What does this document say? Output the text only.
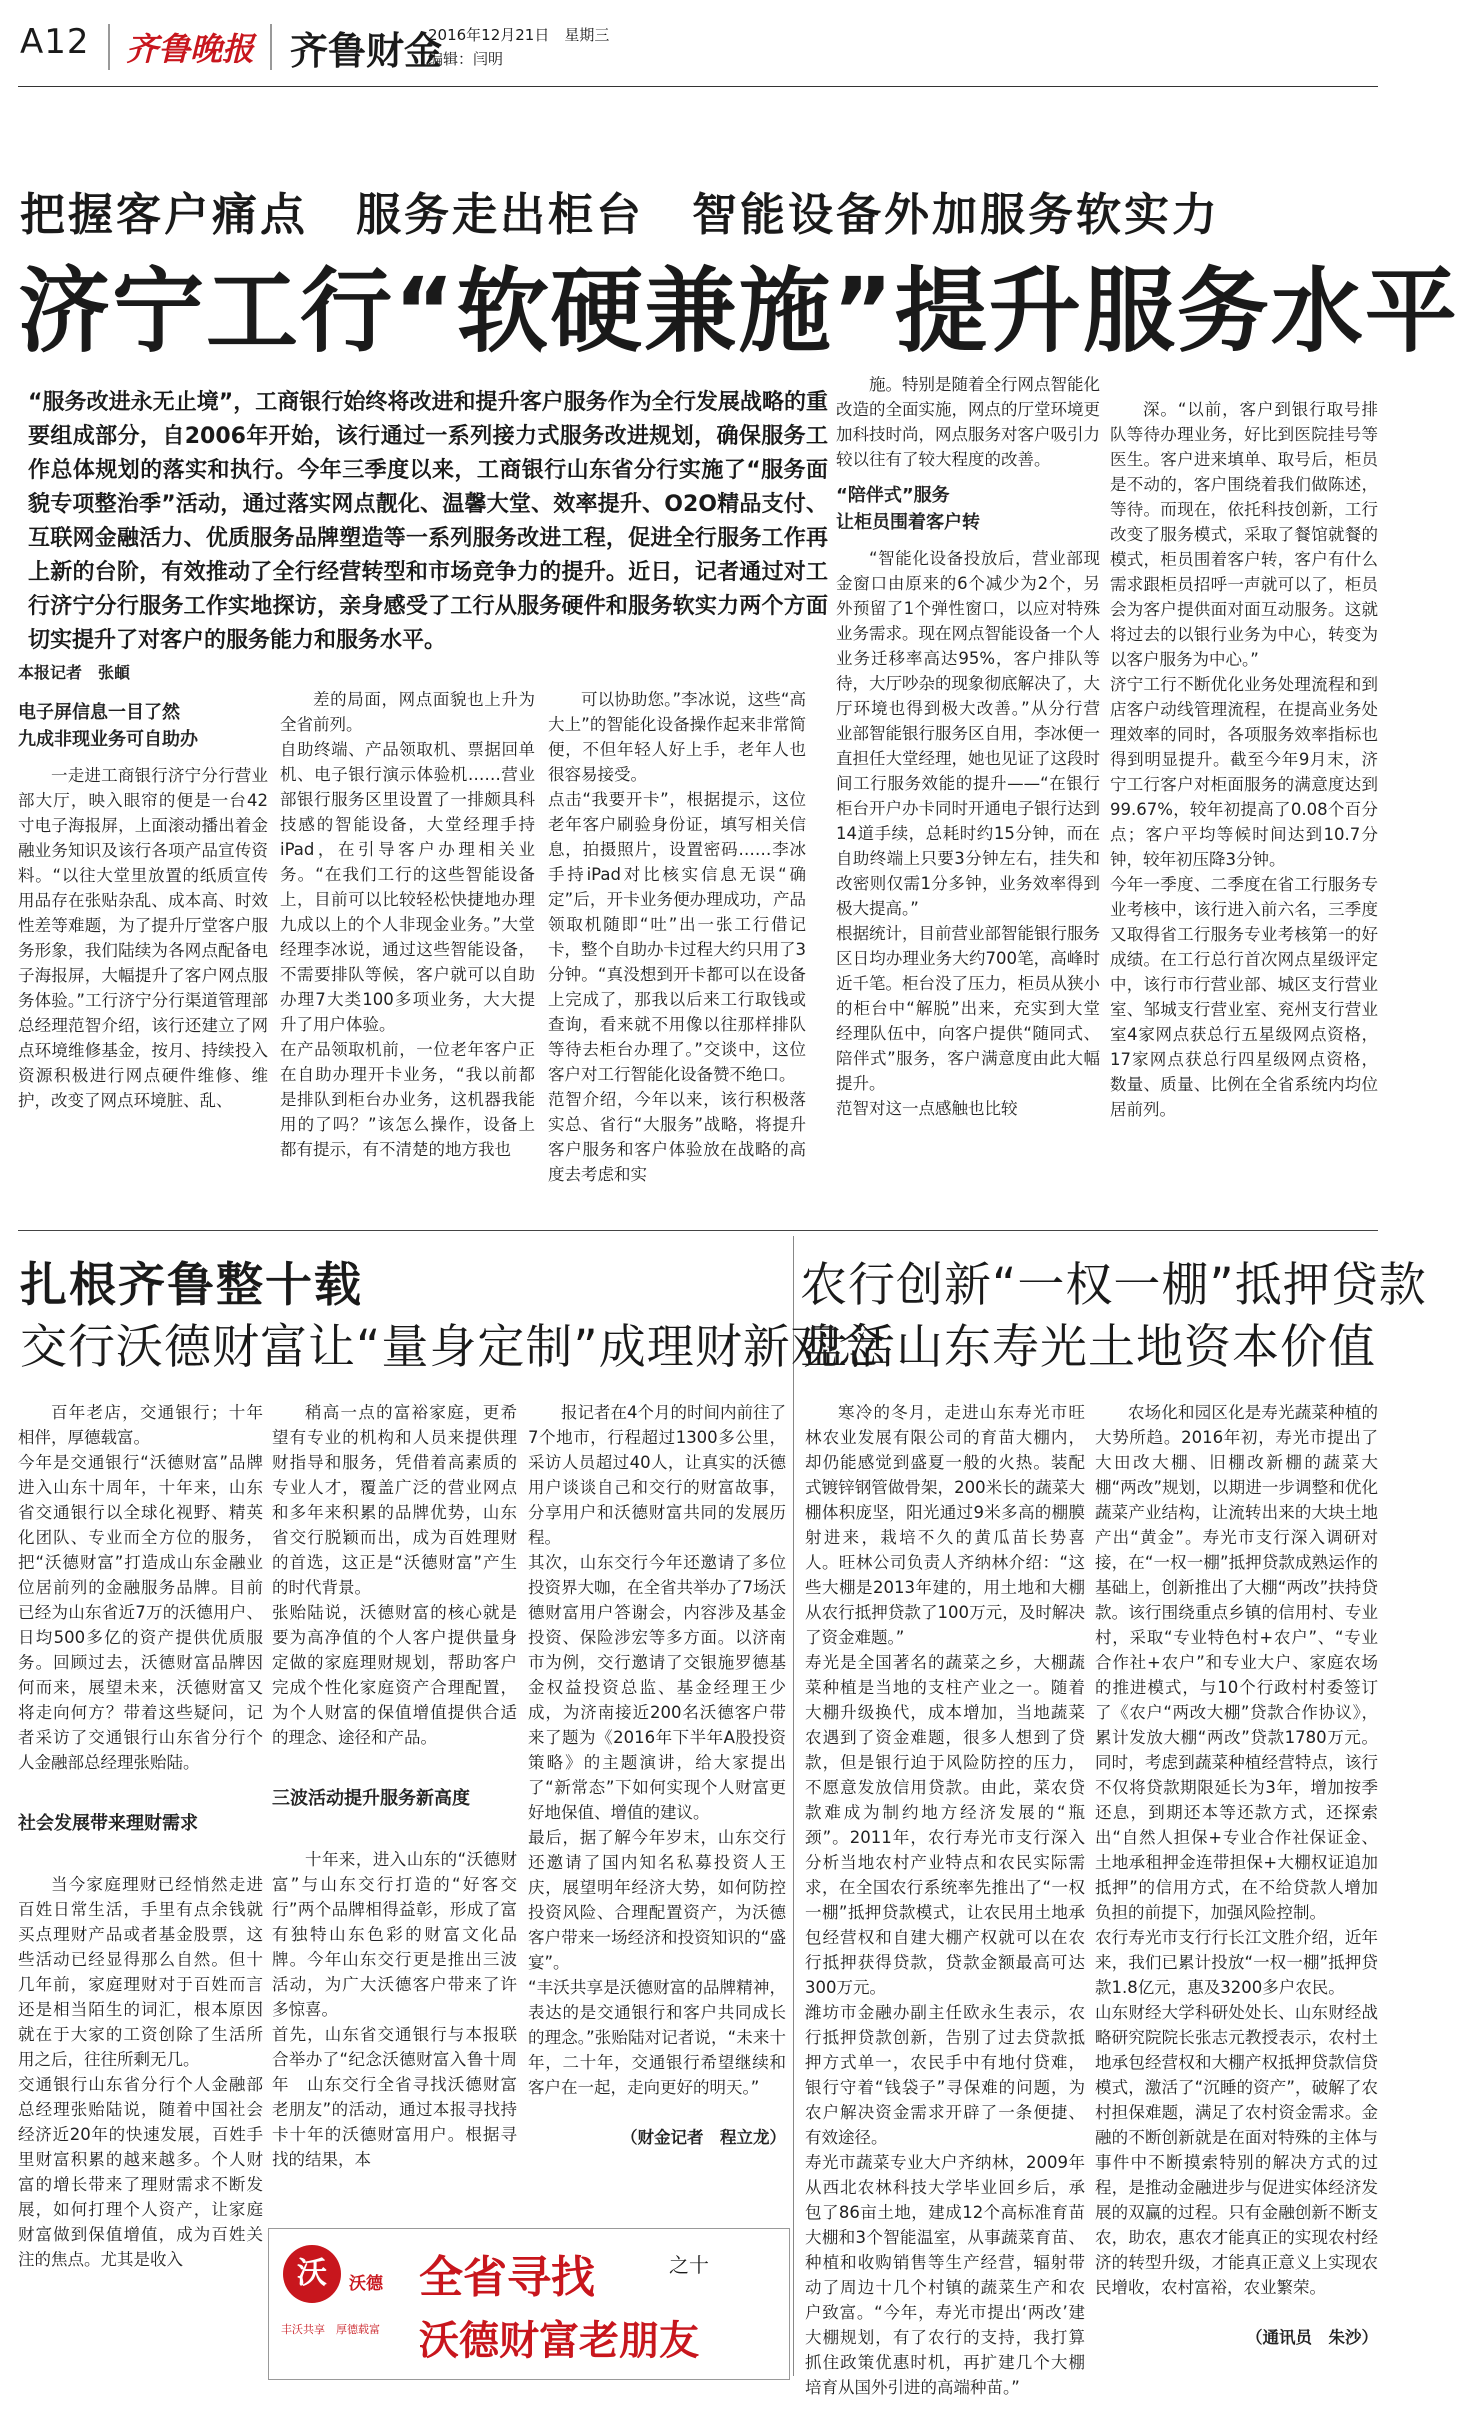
A12	齐鲁晚报 齐鲁财金
2016年12月21日　星期三
编辑：闫明
把握客户痛点　服务走出柜台　智能设备外加服务软实力
济宁工行“软硬兼施”提升服务水平

“服务改进永无止境”，工商银行始终将改进和提升客户服务作为全行发展战略的重要组成部分，自2006年开始，该行通过一系列接力式服务改进规划，确保服务工作总体规划的落实和执行。今年三季度以来，工商银行山东省分行实施了“服务面貌专项整治季”活动，通过落实网点靓化、温馨大堂、效率提升、O2O精品支付、互联网金融活力、优质服务品牌塑造等一系列服务改进工程，促进全行服务工作再上新的台阶，有效推动了全行经营转型和市场竞争力的提升。近日，记者通过对工行济宁分行服务工作实地探访，亲身感受了工行从服务硬件和服务软实力两个方面切实提升了对客户的服务能力和服务水平。

本报记者　张頔
电子屏信息一目了然
九成非现业务可自助办

一走进工商银行济宁分行营业部大厅，映入眼帘的便是一台42寸电子海报屏，上面滚动播出着金融业务知识及该行各项产品宣传资料。“以往大堂里放置的纸质宣传用品存在张贴杂乱、成本高、时效性差等难题，为了提升厅堂客户服务形象，我们陆续为各网点配备电子海报屏，大幅提升了客户网点服务体验。”工行济宁分行渠道管理部总经理范智介绍，该行还建立了网点环境维修基金，按月、持续投入资源积极进行网点硬件维修、维护，改变了网点环境脏、乱、

差的局面，网点面貌也上升为全省前列。
自助终端、产品领取机、票据回单机、电子银行演示体验机……营业部银行服务区里设置了一排颇具科技感的智能设备，大堂经理手持iPad，在引导客户办理相关业务。“在我们工行的这些智能设备上，目前可以比较轻松快捷地办理九成以上的个人非现金业务。”大堂经理李冰说，通过这些智能设备，不需要排队等候，客户就可以自助办理7大类100多项业务，大大提升了用户体验。
在产品领取机前，一位老年客户正在自助办理开卡业务，“我以前都是排队到柜台办业务，这机器我能用的了吗？”该怎么操作，设备上都有提示，有不清楚的地方我也

可以协助您。”李冰说，这些“高大上”的智能化设备操作起来非常简便，不但年轻人好上手，老年人也很容易接受。
点击“我要开卡”，根据提示，这位老年客户刷验身份证，填写相关信息，拍摄照片，设置密码……李冰手持iPad对比核实信息无误“确定”后，开卡业务便办理成功，产品领取机随即“吐”出一张工行借记卡，整个自助办卡过程大约只用了3分钟。“真没想到开卡都可以在设备上完成了，那我以后来工行取钱或查询，看来就不用像以往那样排队等待去柜台办理了。”交谈中，这位客户对工行智能化设备赞不绝口。
范智介绍，今年以来，该行积极落实总、省行“大服务”战略，将提升客户服务和客户体验放在战略的高度去考虑和实

施。特别是随着全行网点智能化改造的全面实施，网点的厅堂环境更加科技时尚，网点服务对客户吸引力较以往有了较大程度的改善。

“陪伴式”服务
让柜员围着客户转

“智能化设备投放后，营业部现金窗口由原来的6个减少为2个，另外预留了1个弹性窗口，以应对特殊业务需求。现在网点智能设备一个人业务迁移率高达95%，客户排队等待，大厅吵杂的现象彻底解决了，大厅环境也得到极大改善。”从分行营业部智能银行服务区自用，李冰便一直担任大堂经理，她也见证了这段时间工行服务效能的提升——“在银行柜台开户办卡同时开通电子银行达到14道手续，总耗时约15分钟，而在自助终端上只要3分钟左右，挂失和改密则仅需1分多钟，业务效率得到极大提高。”
根据统计，目前营业部智能银行服务区日均办理业务大约700笔，高峰时近千笔。柜台没了压力，柜员从狭小的柜台中“解脱”出来，充实到大堂经理队伍中，向客户提供“随同式、陪伴式”服务，客户满意度由此大幅提升。
范智对这一点感触也比较

深。“以前，客户到银行取号排队等待办理业务，好比到医院挂号等医生。客户进来填单、取号后，柜员是不动的，客户围绕着我们做陈述，等待。而现在，依托科技创新，工行改变了服务模式，采取了餐馆就餐的模式，柜员围着客户转，客户有什么需求跟柜员招呼一声就可以了，柜员会为客户提供面对面互动服务。这就将过去的以银行业务为中心，转变为以客户服务为中心。”
济宁工行不断优化业务处理流程和到店客户动线管理流程，在提高业务处理效率的同时，各项服务效率指标也得到明显提升。截至今年9月末，济宁工行客户对柜面服务的满意度达到99.67%，较年初提高了0.08个百分点；客户平均等候时间达到10.7分钟，较年初压降3分钟。
今年一季度、二季度在省工行服务专业考核中，该行进入前六名，三季度又取得省工行服务专业考核第一的好成绩。在工行总行首次网点星级评定中，该行市行营业部、城区支行营业室、邹城支行营业室、兖州支行营业室4家网点获总行五星级网点资格，17家网点获总行四星级网点资格，数量、质量、比例在全省系统内均位居前列。

扎根齐鲁整十载
交行沃德财富让“量身定制”成理财新观念

百年老店，交通银行；十年相伴，厚德载富。
今年是交通银行“沃德财富”品牌进入山东十周年，十年来，山东省交通银行以全球化视野、精英化团队、专业而全方位的服务，把“沃德财富”打造成山东金融业位居前列的金融服务品牌。目前已经为山东省近7万的沃德用户、日均500多亿的资产提供优质服务。回顾过去，沃德财富品牌因何而来，展望未来，沃德财富又将走向何方？带着这些疑问，记者采访了交通银行山东省分行个人金融部总经理张贻陆。

社会发展带来理财需求

当今家庭理财已经悄然走进百姓日常生活，手里有点余钱就买点理财产品或者基金股票，这些活动已经显得那么自然。但十几年前，家庭理财对于百姓而言还是相当陌生的词汇，根本原因就在于大家的工资创除了生活所用之后，往往所剩无几。
交通银行山东省分行个人金融部总经理张贻陆说，随着中国社会经济近20年的快速发展，百姓手里财富积累的越来越多。个人财富的增长带来了理财需求不断发展，如何打理个人资产，让家庭财富做到保值增值，成为百姓关注的焦点。尤其是收入

稍高一点的富裕家庭，更希望有专业的机构和人员来提供理财指导和服务，凭借着高素质的专业人才，覆盖广泛的营业网点和多年来积累的品牌优势，山东省交行脱颖而出，成为百姓理财的首选，这正是“沃德财富”产生的时代背景。
张贻陆说，沃德财富的核心就是要为高净值的个人客户提供量身定做的家庭理财规划，帮助客户完成个性化家庭资产合理配置，为个人财富的保值增值提供合适的理念、途径和产品。

三波活动提升服务新高度

十年来，进入山东的“沃德财富”与山东交行打造的“好客交行”两个品牌相得益彰，形成了富有独特山东色彩的财富文化品牌。今年山东交行更是推出三波活动，为广大沃德客户带来了许多惊喜。
首先，山东省交通银行与本报联合举办了“纪念沃德财富入鲁十周年　山东交行全省寻找沃德财富老朋友”的活动，通过本报寻找持卡十年的沃德财富用户。根据寻找的结果，本

报记者在4个月的时间内前往了7个地市，行程超过1300多公里，采访人员超过40人，让真实的沃德用户谈谈自己和交行的财富故事，分享用户和沃德财富共同的发展历程。
其次，山东交行今年还邀请了多位投资界大咖，在全省共举办了7场沃德财富用户答谢会，内容涉及基金投资、保险涉宏等多方面。以济南市为例，交行邀请了交银施罗德基金权益投资总监、基金经理王少成，为济南接近200名沃德客户带来了题为《2016年下半年A股投资策略》的主题演讲，给大家提出了“新常态”下如何实现个人财富更好地保值、增值的建议。
最后，据了解今年岁末，山东交行还邀请了国内知名私募投资人王庆，展望明年经济大势，如何防控投资风险、合理配置资产，为沃德客户带来一场经济和投资知识的“盛宴”。
“丰沃共享是沃德财富的品牌精神，表达的是交通银行和客户共同成长的理念。”张贻陆对记者说，“未来十年，二十年，交通银行希望继续和客户在一起，走向更好的明天。”

（财金记者　程立龙）

沃	沃德
丰沃共享　厚德载富
全省寻找	之十
沃德财富老朋友
农行创新“一权一棚”抵押贷款
盘活山东寿光土地资本价值

寒冷的冬月，走进山东寿光市旺林农业发展有限公司的育苗大棚内，却仍能感觉到盛夏一般的火热。装配式镀锌钢管做骨架，200米长的蔬菜大棚体积庞坚，阳光通过9米多高的棚膜射进来，栽培不久的黄瓜苗长势喜人。旺林公司负责人齐纳林介绍：“这些大棚是2013年建的，用土地和大棚从农行抵押贷款了100万元，及时解决了资金难题。”
寿光是全国著名的蔬菜之乡，大棚蔬菜种植是当地的支柱产业之一。随着大棚升级换代，成本增加，当地蔬菜农遇到了资金难题，很多人想到了贷款，但是银行迫于风险防控的压力，不愿意发放信用贷款。由此，菜农贷款难成为制约地方经济发展的“瓶颈”。2011年，农行寿光市支行深入分析当地农村产业特点和农民实际需求，在全国农行系统率先推出了“一权一棚”抵押贷款模式，让农民用土地承包经营权和自建大棚产权就可以在农行抵押获得贷款，贷款金额最高可达300万元。
潍坊市金融办副主任欧永生表示，农行抵押贷款创新，告别了过去贷款抵押方式单一，农民手中有地付贷难，银行守着“钱袋子”寻保难的问题，为农户解决资金需求开辟了一条便捷、有效途径。
寿光市蔬菜专业大户齐纳林，2009年从西北农林科技大学毕业回乡后，承包了86亩土地，建成12个高标准育苗大棚和3个智能温室，从事蔬菜育苗、种植和收购销售等生产经营，辐射带动了周边十几个村镇的蔬菜生产和农户致富。“今年，寿光市提出‘两改’建大棚规划，有了农行的支持，我打算抓住政策优惠时机，再扩建几个大棚培育从国外引进的高端种苗。”

农场化和园区化是寿光蔬菜种植的大势所趋。2016年初，寿光市提出了大田改大棚、旧棚改新棚的蔬菜大棚“两改”规划，以期进一步调整和优化蔬菜产业结构，让流转出来的大块土地产出“黄金”。寿光市支行深入调研对接，在“一权一棚”抵押贷款成熟运作的基础上，创新推出了大棚“两改”扶持贷款。该行围绕重点乡镇的信用村、专业村，采取“专业特色村+农户”、“专业合作社+农户”和专业大户、家庭农场的推进模式，与10个行政村村委签订了《农户“两改大棚”贷款合作协议》，累计发放大棚“两改”贷款1780万元。同时，考虑到蔬菜种植经营特点，该行不仅将贷款期限延长为3年，增加按季还息，到期还本等还款方式，还探索出“自然人担保+专业合作社保证金、土地承租押金连带担保+大棚权证追加抵押”的信用方式，在不给贷款人增加负担的前提下，加强风险控制。
农行寿光市支行行长江文胜介绍，近年来，我们已累计投放“一权一棚”抵押贷款1.8亿元，惠及3200多户农民。
山东财经大学科研处处长、山东财经战略研究院院长张志元教授表示，农村土地承包经营权和大棚产权抵押贷款信贷模式，激活了“沉睡的资产”，破解了农村担保难题，满足了农村资金需求。金融的不断创新就是在面对特殊的主体与事件中不断摸索特别的解决方式的过程，是推动金融进步与促进实体经济发展的双赢的过程。只有金融创新不断支农，助农，惠农才能真正的实现农村经济的转型升级，才能真正意义上实现农民增收，农村富裕，农业繁荣。

（通讯员　朱沙）
